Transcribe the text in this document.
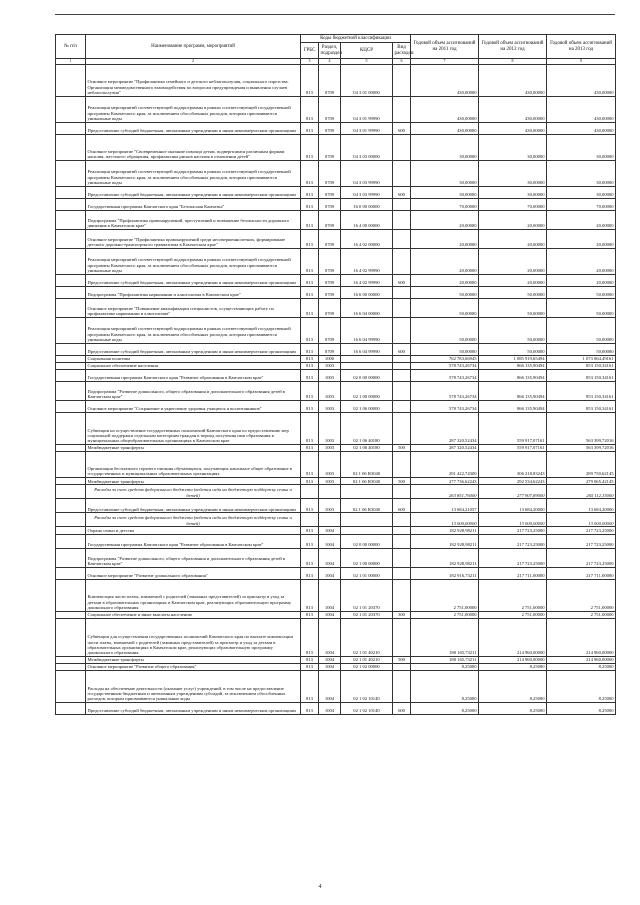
№ п/п	Наименование программ, мероприятий	Коды бюджетной классификации				Годовой объем ассигнований на 2011 год	Годовой объем ассигнований на 2012 год	Годовой объем ассигнований на 2013 год
		ГРБС	Раздел, подраздел	КЦСР	Вид расходов			
1	2	3	4	5	6	7	8	9
	Основное мероприятие "Профилактика семейного и детского неблагополучия, социального сиротства. Организация межведомственного взаимодействия по вопросам предупреждения и выявления случаев неблагополучия"	813	0709	04 3 01 00000		430,00000	430,00000	430,00000
	Реализация мероприятий соответствующей подпрограммы в рамках соответствующей государственной программы Камчатского края, за исключением обособленных расходов, которым присваиваются уникальные коды	813	0709	04 3 01 99990		430,00000	430,00000	430,00000
	Предоставление субсидий бюджетным, автономным учреждениям и иным некоммерческим организациям	813	0709	04 3 01 99990	600	430,00000	430,00000	430,00000
	Основное мероприятие "Своевременное оказание помощи детям, подвергшимся различным формам насилия, жестокого обращения, профилактика рисков насилия в отношении детей"	813	0709	04 3 03 00000		30,00000	30,00000	30,00000
	Реализация мероприятий соответствующей подпрограммы в рамках соответствующей государственной программы Камчатского края, за исключением обособленных расходов, которым присваиваются уникальные коды	813	0709	04 3 03 99990		30,00000	30,00000	30,00000
	Предоставление субсидий бюджетным, автономным учреждениям и иным некоммерческим организациям	813	0709	04 3 03 99990	600	30,00000	30,00000	30,00000
	Государственная программа Камчатского края "Безопасная Камчатка"	813	0709	16 0 00 00000		70,00000	70,00000	70,00000
	Подпрограмма "Профилактика правонарушений, преступлений и повышение безопасности дорожного движения в Камчатском крае"	813	0709	16 4 00 00000		20,00000	20,00000	20,00000
	Основное мероприятие "Профилактика правонарушений среди несовершеннолетних, формирование детского дорожно-транспортного травматизма в Камчатском крае"	813	0709	16 4 02 00000		20,00000	20,00000	20,00000
	Реализация мероприятий соответствующей подпрограммы в рамках соответствующей государственной программы Камчатского края, за исключением обособленных расходов, которым присваиваются уникальные коды	813	0709	16 4 02 99990		20,00000	20,00000	20,00000
	Предоставление субсидий бюджетным, автономным учреждениям и иным некоммерческим организациям	813	0709	16 4 02 99990	600	20,00000	20,00000	20,00000
	Подпрограмма "Профилактика наркомании и алкоголизма в Камчатском крае"	813	0709	16 6 00 00000		50,00000	50,00000	50,00000
	Основное мероприятие "Повышение квалификации специалистов, осуществляющих работу по профилактике наркомании и алкоголизма"	813	0709	16 6 04 00000		50,00000	50,00000	50,00000
	Реализация мероприятий соответствующей подпрограммы в рамках соответствующей государственной программы Камчатского края, за исключением обособленных расходов, которым присваиваются уникальные коды	813	0709	16 6 04 99990		50,00000	50,00000	50,00000
	Предоставление субсидий бюджетным, автономным учреждениям и иным некоммерческим организациям	813	0709	16 6 04 99990	600	50,00000	50,00000	50,00000
	Социальная политика	813	1000			762 783,66945	1 085 919,65494	1 073 064,49161
	Социальное обеспечение населения	813	1003			578 743,26734	866 135,90494	853 150,34161
	Государственная программа Камчатского края "Развитие образования в Камчатском крае"	813	1003	02 0 00 00000		578 743,26734	866 135,90494	853 150,34161
	Подпрограмма "Развитие дошкольного, общего образования и дополнительного образования детей в Камчатском крае"	813	1003	02 1 00 00000		578 743,26734	866 135,90494	853 150,34161
	Основное мероприятие "Сохранение и укрепление здоровья учащихся и воспитанников"	813	1003	02 1 06 00000		578 743,26734	866 135,90494	853 150,34161
	Субвенции на осуществление государственных полномочий Камчатского края по предоставлению мер социальной поддержки отдельным категориям граждан в период получения ими образования в муниципальных общеобразовательных организациях в Камчатском крае	813	1003	02 1 06 40180		287 320,52434	559 917,07161	563 399,72016
	Межбюджетные трансферты	813	1003	02 1 06 40180	500	287 320,52434	559 917,07161	563 399,72016
	Организация бесплатного горячего питания обучающихся, получающих начальное общее образование в государственных и муниципальных образовательных организациях	813	1003	02 1 06 R3040		291 422,74300	306 218,83243	289 750,62145
	Межбюджетные трансферты	813	1003	02 1 06 R3040	500	277 736,62243	292 534,62243	279 065,42145
	Расходы за счет средств федерального бюджета (ведется сада на бюджетную поддержку семьи и детей)					263 851,76000	277 907,89000	265 112,15000
	Предоставление субсидий бюджетным, автономным учреждениям и иным некоммерческим организациям	813	1003	02 1 06 R3040	600	13 684,21057	13 684,20000	13 684,20000
	Расходы за счет средств федерального бюджета (ведется сада на бюджетную поддержку семьи и детей)					13 000,00000	13 000,00000	13 000,00000
	Охрана семьи и детства	813	1004			182 928,98211	217 723,25000	217 723,25000
	Государственная программа Камчатского края "Развитие образования в Камчатском крае"	813	1004	02 0 00 00000		182 928,98211	217 723,25000	217 723,25000
	Подпрограмма "Развитие дошкольного, общего образования и дополнительного образования детей в Камчатском крае"	813	1004	02 1 00 00000		182 928,98211	217 723,25000	217 723,25000
	Основное мероприятие "Развитие дошкольного образования"	813	1004	02 1 01 00000		182 916,73211	217 711,00000	217 711,00000
	Компенсация части платы, взимаемой с родителей (законных представителей) за присмотр и уход за детьми в образовательных организациях в Камчатском крае, реализующих образовательную программу дошкольного образования	813	1004	02 1 01 20370		2 751,00000	2 751,00000	2 751,00000
	Социальное обеспечение и иные выплаты населению	813	1004	02 1 01 20370	300	2 751,00000	2 751,00000	2 751,00000
	Субвенции для осуществления государственных полномочий Камчатского края по выплате компенсации части платы, взимаемой с родителей (законных представителей) за присмотр и уход за детьми в образовательных организациях в Камчатском крае, реализующих образовательную программу дошкольного образования	813	1004	02 1 01 40210		180 165,73211	214 960,00000	214 960,00000
	Межбюджетные трансферты	813	1004	02 1 01 40210	500	180 165,73211	214 960,00000	214 960,00000
	Основное мероприятие "Развитие общего образования"	813	1004	02 1 02 00000		8,25000	8,25000	8,25000
	Расходы на обеспечение деятельности (оказание услуг) учреждений, в том числе на предоставление государственным бюджетным и автономным учреждениям субсидий, за исключением обособленных расходов, которым присваиваются уникальные коды	813	1004	02 1 02 10140		8,25000	8,25000	8,25000
	Предоставление субсидий бюджетным, автономным учреждениям и иным некоммерческим организациям	813	1004	02 1 02 10140	600	8,25000	8,25000	8,25000
4
